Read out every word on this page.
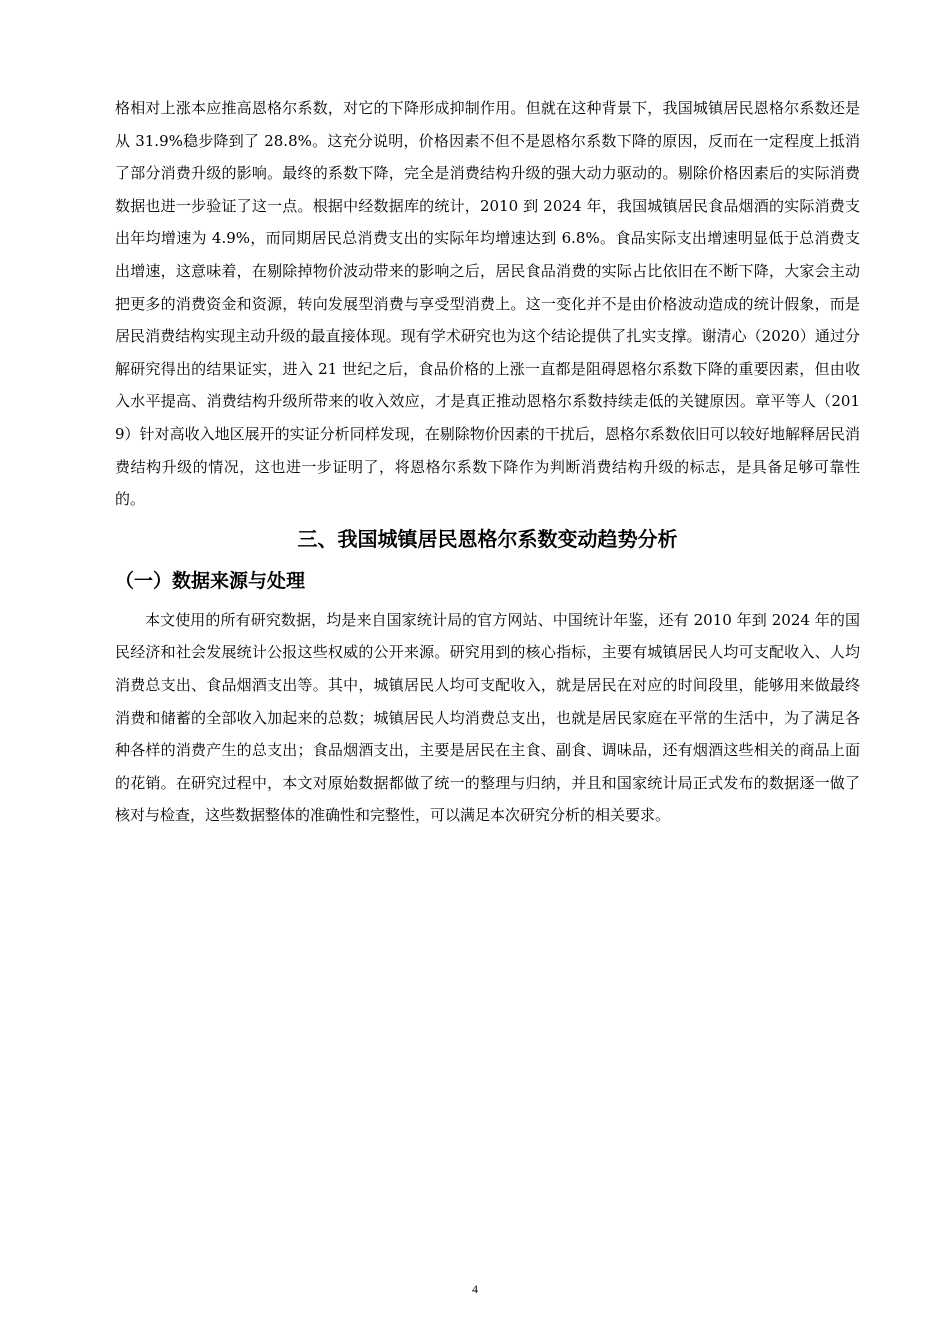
格相对上涨本应推高恩格尔系数，对它的下降形成抑制作用。但就在这种背景下，我国城镇居民恩格尔系数还是从 31.9%稳步降到了 28.8%。这充分说明，价格因素不但不是恩格尔系数下降的原因，反而在一定程度上抵消了部分消费升级的影响。最终的系数下降，完全是消费结构升级的强大动力驱动的。剔除价格因素后的实际消费数据也进一步验证了这一点。根据中经数据库的统计，2010 到 2024 年，我国城镇居民食品烟酒的实际消费支出年均增速为 4.9%，而同期居民总消费支出的实际年均增速达到 6.8%。食品实际支出增速明显低于总消费支出增速，这意味着，在剔除掉物价波动带来的影响之后，居民食品消费的实际占比依旧在不断下降，大家会主动把更多的消费资金和资源，转向发展型消费与享受型消费上。这一变化并不是由价格波动造成的统计假象，而是居民消费结构实现主动升级的最直接体现。现有学术研究也为这个结论提供了扎实支撑。谢清心（2020）通过分解研究得出的结果证实，进入 21 世纪之后，食品价格的上涨一直都是阻碍恩格尔系数下降的重要因素，但由收入水平提高、消费结构升级所带来的收入效应，才是真正推动恩格尔系数持续走低的关键原因。章平等人（2019）针对高收入地区展开的实证分析同样发现，在剔除物价因素的干扰后，恩格尔系数依旧可以较好地解释居民消费结构升级的情况，这也进一步证明了，将恩格尔系数下降作为判断消费结构升级的标志，是具备足够可靠性的。

三、我国城镇居民恩格尔系数变动趋势分析
（一）数据来源与处理

本文使用的所有研究数据，均是来自国家统计局的官方网站、中国统计年鉴，还有 2010 年到 2024 年的国民经济和社会发展统计公报这些权威的公开来源。研究用到的核心指标，主要有城镇居民人均可支配收入、人均消费总支出、食品烟酒支出等。其中，城镇居民人均可支配收入，就是居民在对应的时间段里，能够用来做最终消费和储蓄的全部收入加起来的总数；城镇居民人均消费总支出，也就是居民家庭在平常的生活中，为了满足各种各样的消费产生的总支出；食品烟酒支出，主要是居民在主食、副食、调味品，还有烟酒这些相关的商品上面的花销。在研究过程中，本文对原始数据都做了统一的整理与归纳，并且和国家统计局正式发布的数据逐一做了核对与检查，这些数据整体的准确性和完整性，可以满足本次研究分析的相关要求。

4
